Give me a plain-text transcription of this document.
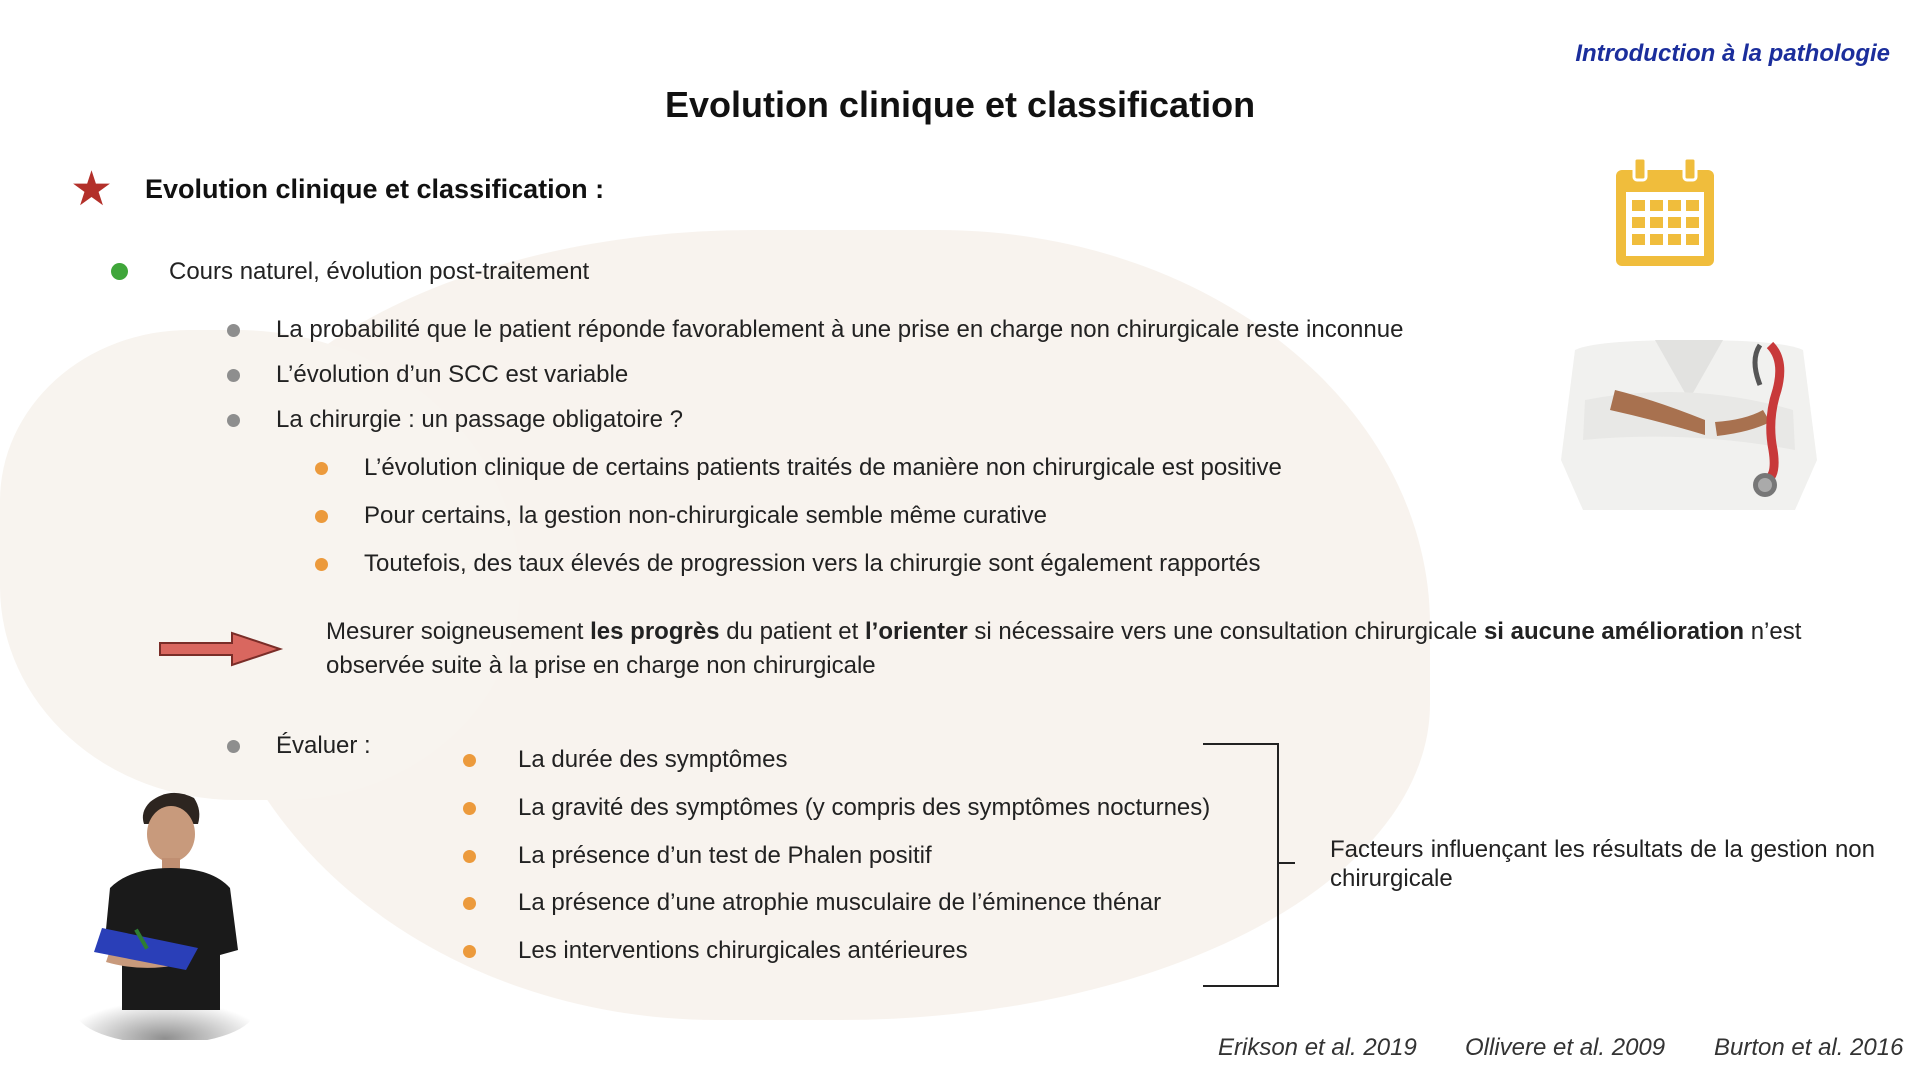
Introduction à la pathologie
Evolution clinique et classification
★ Evolution clinique et classification :
Cours naturel, évolution post-traitement
La probabilité que le patient réponde favorablement à une prise en charge non chirurgicale reste inconnue
L’évolution d’un SCC est variable
La chirurgie : un passage obligatoire ?
L’évolution clinique de certains patients traités de manière non chirurgicale est positive
Pour certains, la gestion non-chirurgicale semble même curative
Toutefois, des taux élevés de progression vers la chirurgie sont également rapportés
Mesurer soigneusement les progrès du patient et l’orienter si nécessaire vers une consultation chirurgicale si aucune amélioration n’est observée suite à la prise en charge non chirurgicale
Évaluer :
La durée des symptômes
La gravité des symptômes (y compris des symptômes nocturnes)
La présence d’un test de Phalen positif
La présence d’une atrophie musculaire de l’éminence thénar
Les interventions chirurgicales antérieures
Facteurs influençant les résultats de la gestion non chirurgicale
Erikson et al. 2019 Ollivere et al. 2009 Burton et al. 2016
